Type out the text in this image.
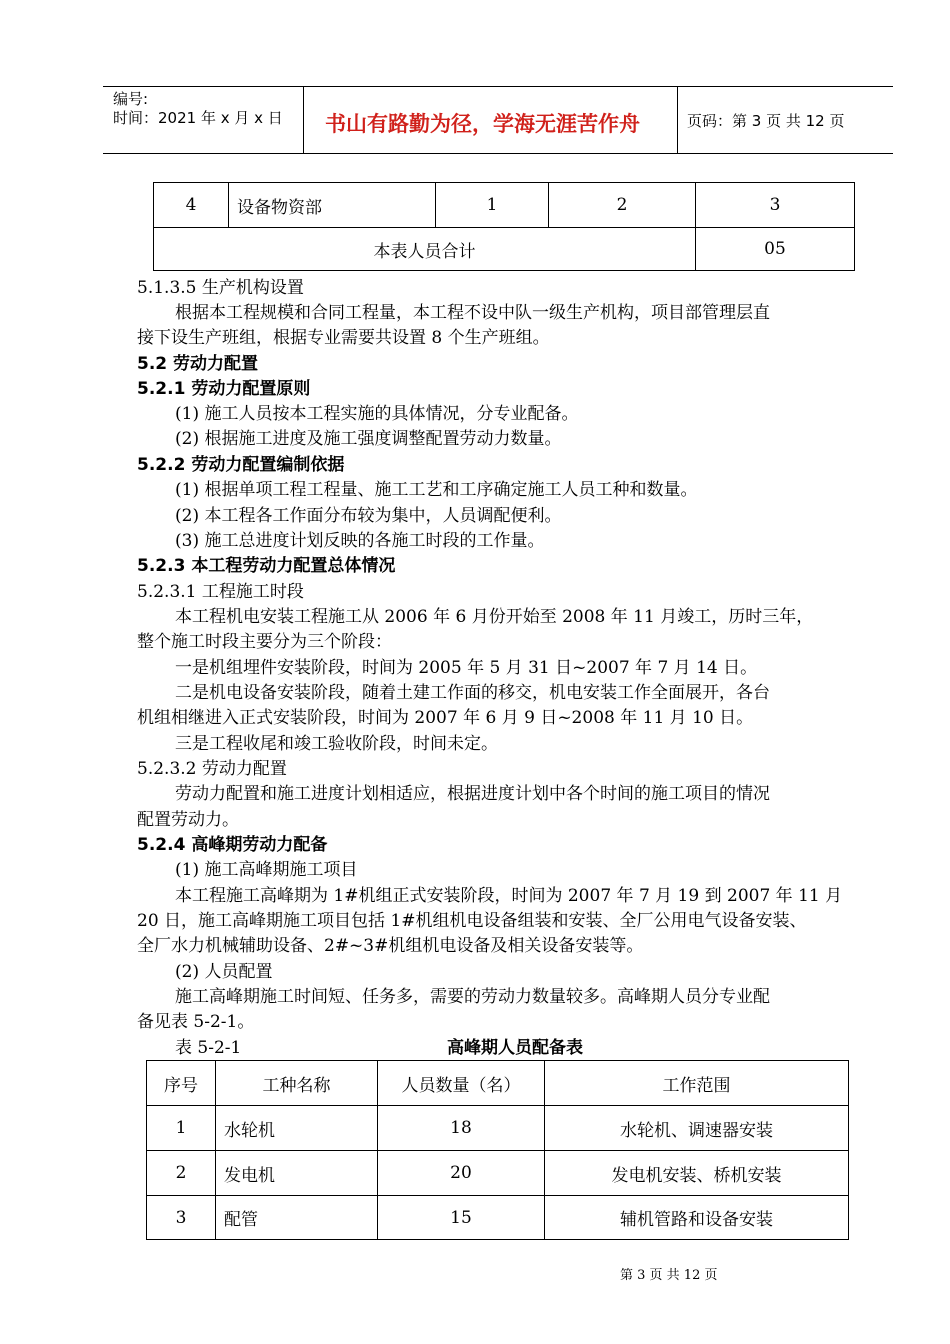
编号:
时间：2021 年 x 月 x 日 书山有路勤为径，学海无涯苦作舟	页码：第 3 页 共 12 页
4	设备物资部	1	2	3
本表人员合计				05
5.1.3.5 生产机构设置
根据本工程规模和合同工程量，本工程不设中队一级生产机构，项目部管理层直
接下设生产班组，根据专业需要共设置 8 个生产班组。
5.2 劳动力配置
5.2.1 劳动力配置原则
(1) 施工人员按本工程实施的具体情况，分专业配备。
(2) 根据施工进度及施工强度调整配置劳动力数量。
5.2.2 劳动力配置编制依据
(1) 根据单项工程工程量、施工工艺和工序确定施工人员工种和数量。
(2) 本工程各工作面分布较为集中，人员调配便利。
(3) 施工总进度计划反映的各施工时段的工作量。
5.2.3 本工程劳动力配置总体情况
5.2.3.1 工程施工时段
本工程机电安装工程施工从 2006 年 6 月份开始至 2008 年 11 月竣工，历时三年，
整个施工时段主要分为三个阶段：
一是机组埋件安装阶段，时间为 2005 年 5 月 31 日~2007 年 7 月 14 日。
二是机电设备安装阶段，随着土建工作面的移交，机电安装工作全面展开，各台
机组相继进入正式安装阶段，时间为 2007 年 6 月 9 日~2008 年 11 月 10 日。
三是工程收尾和竣工验收阶段，时间未定。
5.2.3.2 劳动力配置
劳动力配置和施工进度计划相适应，根据进度计划中各个时间的施工项目的情况
配置劳动力。
5.2.4 高峰期劳动力配备
(1) 施工高峰期施工项目
本工程施工高峰期为 1#机组正式安装阶段，时间为 2007 年 7 月 19 到 2007 年 11 月
20 日，施工高峰期施工项目包括 1#机组机电设备组装和安装、全厂公用电气设备安装、
全厂水力机械辅助设备、2#~3#机组机电设备及相关设备安装等。
(2) 人员配置
施工高峰期施工时间短、任务多，需要的劳动力数量较多。高峰期人员分专业配
备见表 5-2-1。
表 5-2-1	高峰期人员配备表
序号	工种名称	人员数量（名）	工作范围
1	水轮机	18	水轮机、调速器安装
2	发电机	20	发电机安装、桥机安装
3	配管	15	辅机管路和设备安装
第 3 页 共 12 页
